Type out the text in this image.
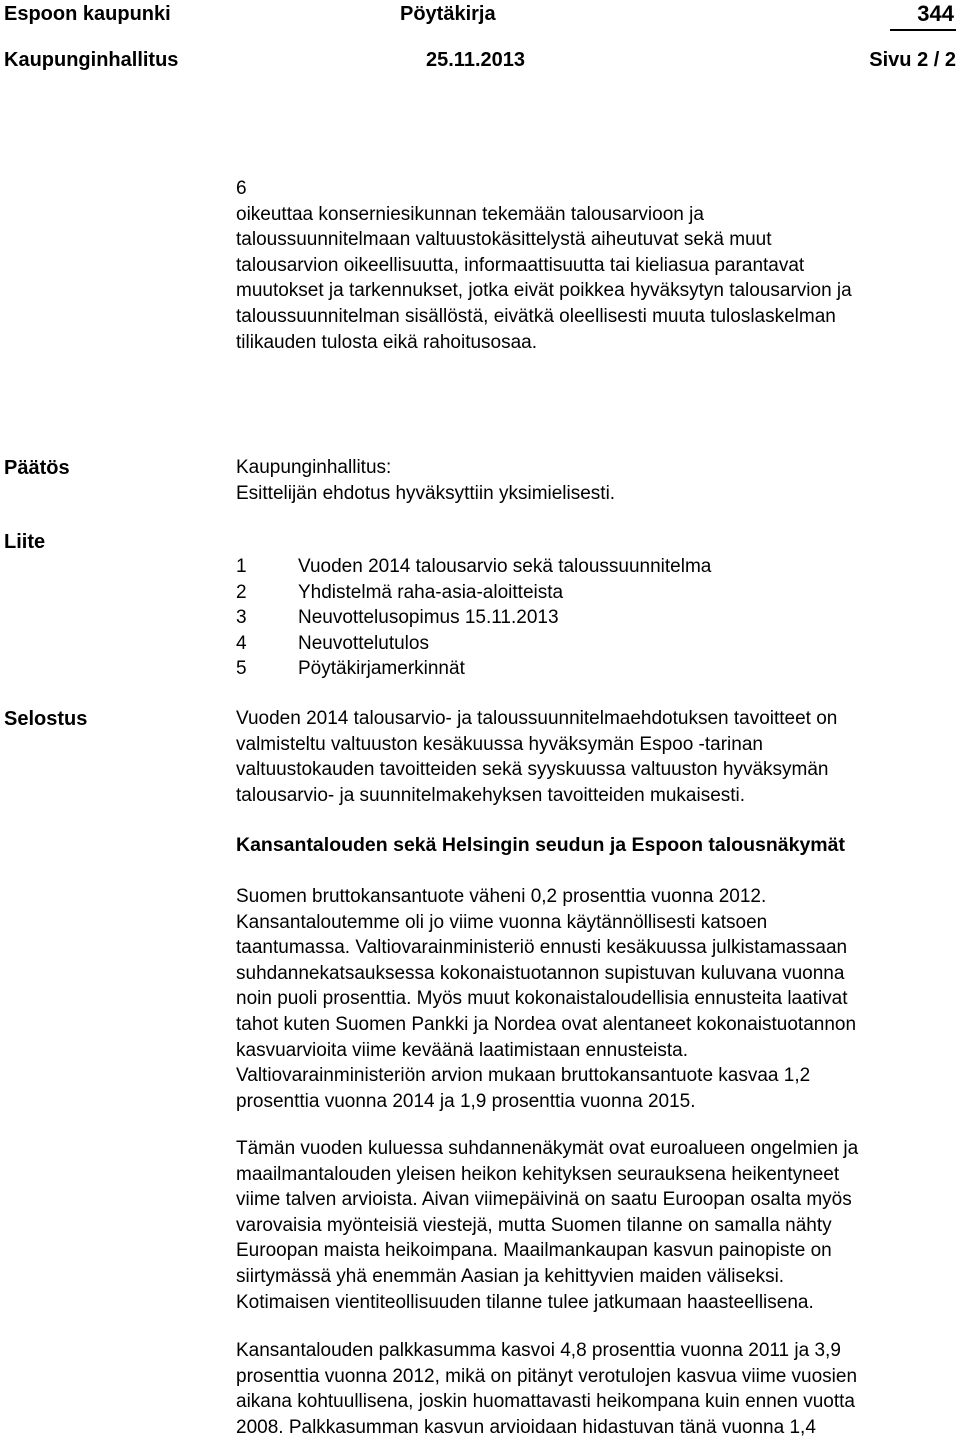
Espoon kaupunki	Pöytäkirja	344
Kaupunginhallitus	25.11.2013	Sivu 2 / 2
6
oikeuttaa konserniesikunnan tekemään talousarvioon ja
taloussuunnitelmaan valtuustokäsittelystä aiheutuvat sekä muut
talousarvion oikeellisuutta, informaattisuutta tai kieliasua parantavat
muutokset ja tarkennukset, jotka eivät poikkea hyväksytyn talousarvion ja
taloussuunnitelman sisällöstä, eivätkä oleellisesti muuta tuloslaskelman
tilikauden tulosta eikä rahoitusosaa.
Päätös	Kaupunginhallitus:
Esittelijän ehdotus hyväksyttiin yksimielisesti.
Liite
1	Vuoden 2014 talousarvio sekä taloussuunnitelma
2	Yhdistelmä raha-asia-aloitteista
3	Neuvottelusopimus 15.11.2013
4	Neuvottelutulos
5	Pöytäkirjamerkinnät
Selostus	Vuoden 2014 talousarvio- ja taloussuunnitelmaehdotuksen tavoitteet on
valmisteltu valtuuston kesäkuussa hyväksymän Espoo -tarinan
valtuustokauden tavoitteiden sekä syyskuussa valtuuston hyväksymän
talousarvio- ja suunnitelmakehyksen tavoitteiden mukaisesti.
Kansantalouden sekä Helsingin seudun ja Espoon talousnäkymät
Suomen bruttokansantuote väheni 0,2 prosenttia vuonna 2012.
Kansantaloutemme oli jo viime vuonna käytännöllisesti katsoen
taantumassa. Valtiovarainministeriö ennusti kesäkuussa julkistamassaan
suhdannekatsauksessa kokonaistuotannon supistuvan kuluvana vuonna
noin puoli prosenttia. Myös muut kokonaistaloudellisia ennusteita laativat
tahot kuten Suomen Pankki ja Nordea ovat alentaneet kokonaistuotannon
kasvuarvioita viime keväänä laatimistaan ennusteista.
Valtiovarainministeriön arvion mukaan bruttokansantuote kasvaa 1,2
prosenttia vuonna 2014 ja 1,9 prosenttia vuonna 2015.
Tämän vuoden kuluessa suhdannenäkymät ovat euroalueen ongelmien ja
maailmantalouden yleisen heikon kehityksen seurauksena heikentyneet
viime talven arvioista. Aivan viimepäivinä on saatu Euroopan osalta myös
varovaisia myönteisiä viestejä, mutta Suomen tilanne on samalla nähty
Euroopan maista heikoimpana. Maailmankaupan kasvun painopiste on
siirtymässä yhä enemmän Aasian ja kehittyvien maiden väliseksi.
Kotimaisen vientiteollisuuden tilanne tulee jatkumaan haasteellisena.
Kansantalouden palkkasumma kasvoi 4,8 prosenttia vuonna 2011 ja 3,9
prosenttia vuonna 2012, mikä on pitänyt verotulojen kasvua viime vuosien
aikana kohtuullisena, joskin huomattavasti heikompana kuin ennen vuotta
2008. Palkkasumman kasvun arvioidaan hidastuvan tänä vuonna 1,4
